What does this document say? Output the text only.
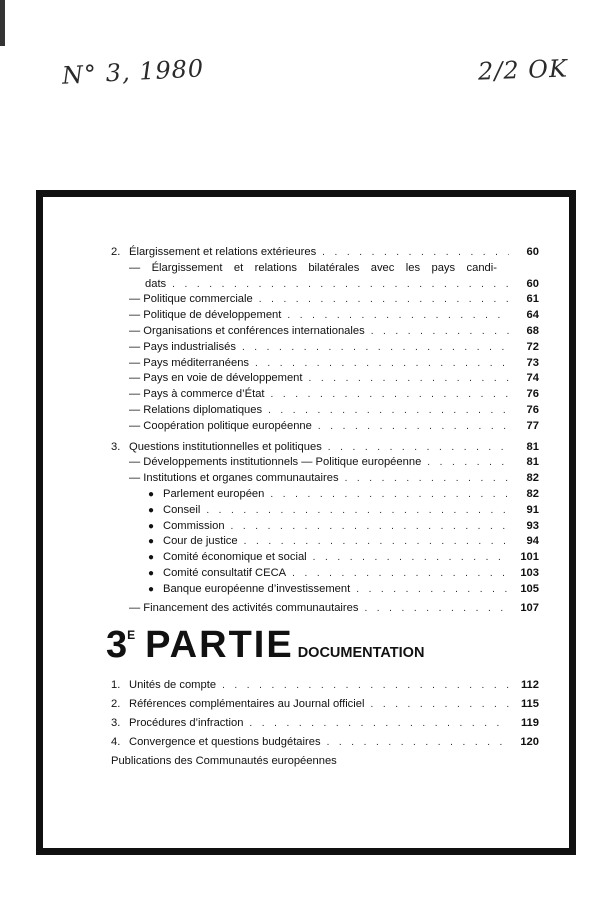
N° 3, 1980	2/2 OK
2. Élargissement et relations extérieures . . .	60
— Élargissement et relations bilatérales avec les pays candi-
dats . . .	60
— Politique commerciale . . .	61
— Politique de développement . . .	64
— Organisations et conférences internationales . . .	68
— Pays industrialisés . . .	72
— Pays méditerranéens . . .	73
— Pays en voie de développement . . .	74
— Pays à commerce d’État . . .	76
— Relations diplomatiques . . .	76
— Coopération politique européenne . . .	77
3. Questions institutionnelles et politiques . . .	81
— Développements institutionnels — Politique européenne . . .	81
— Institutions et organes communautaires . . .	82
● Parlement européen . . .	82
● Conseil . . .	91
● Commission . . .	93
● Cour de justice . . .	94
● Comité économique et social . . .	101
● Comité consultatif CECA . . .	103
● Banque européenne d’investissement . . .	105
— Financement des activités communautaires . . .	107
3 E PARTIE DOCUMENTATION
1. Unités de compte . . .	112
2. Références complémentaires au Journal officiel . . .	115
3. Procédures d’infraction . . .	119
4. Convergence et questions budgétaires . . .	120
Publications des Communautés européennes
